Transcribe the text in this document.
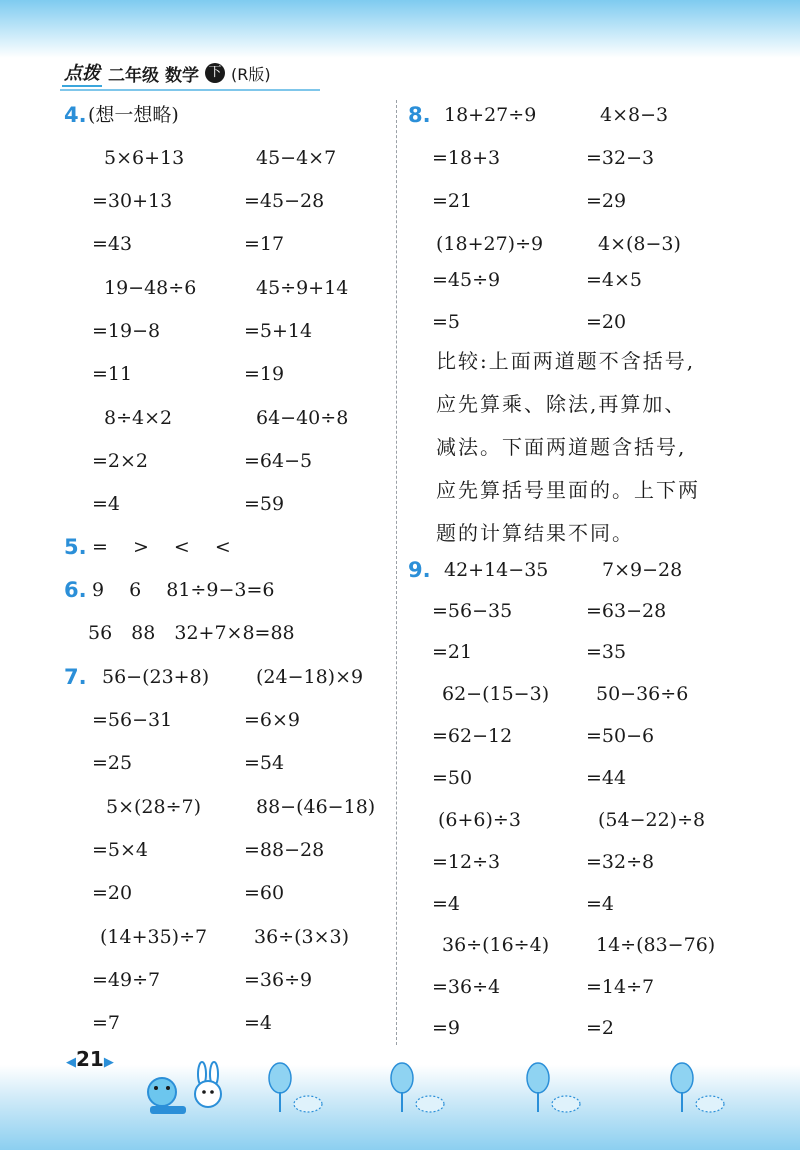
点拨 二年级 数学 下 (R版)
4. (想一想略)
5×6+13	45−4×7
=30+13	=45−28
=43	=17
19−48÷6	45÷9+14
=19−8	=5+14
=11	=19
8÷4×2	64−40÷8
=2×2	=64−5
=4	=59
5. =　 >　 <　 <
6. 9　 6　 81÷9−3=6
56　88　32+7×8=88
7. 56−(23+8) (24−18)×9
=56−31	=6×9
=25	=54
5×(28÷7)	88−(46−18)
=5×4	=88−28
=20	=60
(14+35)÷7 36÷(3×3)
=49÷7	=36÷9
=7	=4
8. 18+27÷9	4×8−3
=18+3	=32−3
=21	=29
(18+27)÷9	4×(8−3)
=45÷9	=4×5
=5	=20
比较:上面两道题不含括号,
应先算乘、除法,再算加、
减法。下面两道题含括号,
应先算括号里面的。上下两
题的计算结果不同。
9. 42+14−35	7×9−28
=56−35	=63−28
=21	=35
62−(15−3) 50−36÷6
=62−12	=50−6
=50	=44
(6+6)÷3	(54−22)÷8
=12÷3	=32÷8
=4	=4
36÷(16÷4) 14÷(83−76)
=36÷4	=14÷7
=9	=2
◀21▶
